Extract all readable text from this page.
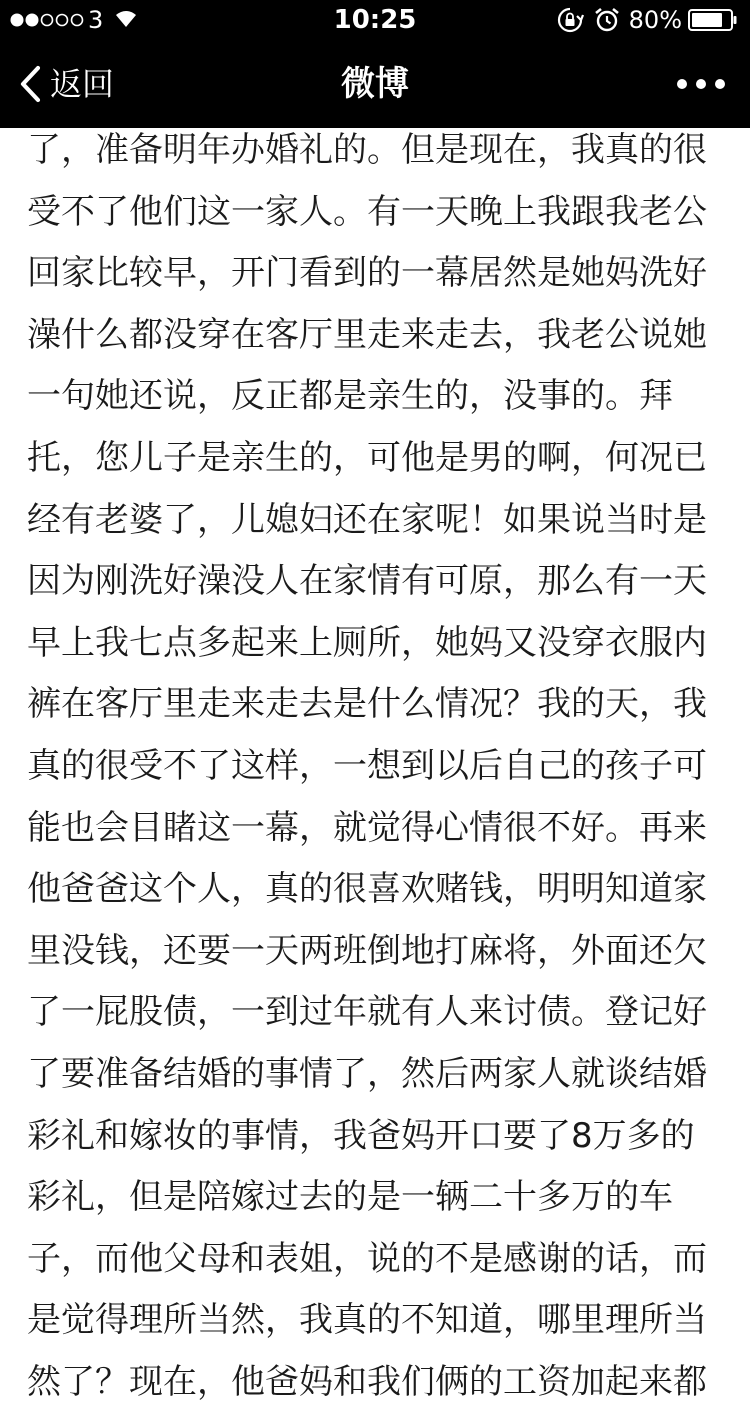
3	10:25	80%
返回	微博

了，准备明年办婚礼的。但是现在，我真的很

受不了他们这一家人。有一天晚上我跟我老公

回家比较早，开门看到的一幕居然是她妈洗好

澡什么都没穿在客厅里走来走去，我老公说她

一句她还说，反正都是亲生的，没事的。拜

托，您儿子是亲生的，可他是男的啊，何况已

经有老婆了，儿媳妇还在家呢！如果说当时是

因为刚洗好澡没人在家情有可原，那么有一天

早上我七点多起来上厕所，她妈又没穿衣服内

裤在客厅里走来走去是什么情况？我的天，我

真的很受不了这样，一想到以后自己的孩子可

能也会目睹这一幕，就觉得心情很不好。再来

他爸爸这个人，真的很喜欢赌钱，明明知道家

里没钱，还要一天两班倒地打麻将，外面还欠

了一屁股债，一到过年就有人来讨债。登记好

了要准备结婚的事情了，然后两家人就谈结婚

彩礼和嫁妆的事情，我爸妈开口要了8万多的

彩礼，但是陪嫁过去的是一辆二十多万的车

子，而他父母和表姐，说的不是感谢的话，而

是觉得理所当然，我真的不知道，哪里理所当

然了？现在，他爸妈和我们俩的工资加起来都
